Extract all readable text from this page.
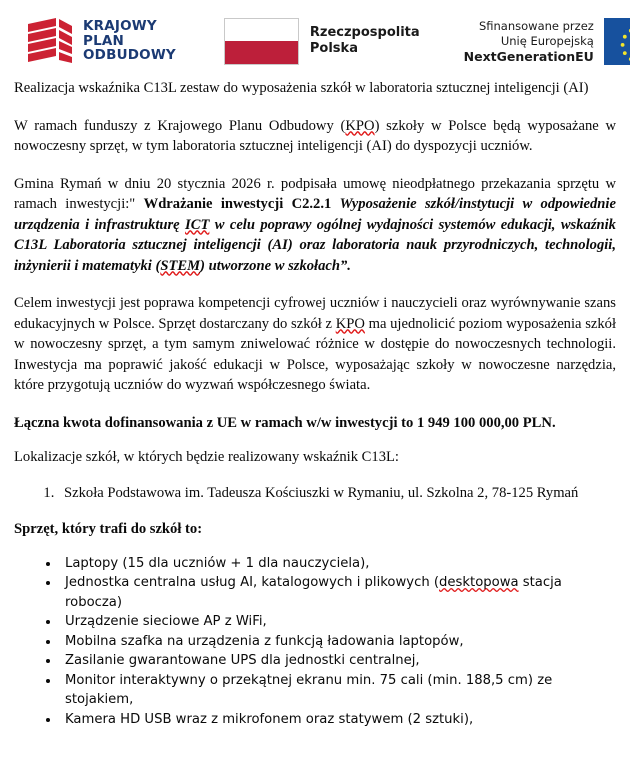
KRAJOWY
PLAN
ODBUDOWY
Rzeczpospolita
Polska
Sfinansowane przez
Unię Europejską
NextGenerationEU

Realizacja wskaźnika C13L zestaw do wyposażenia szkół w laboratoria sztucznej inteligencji (AI)

W ramach funduszy z Krajowego Planu Odbudowy (KPO) szkoły w Polsce będą wyposażane w nowoczesny sprzęt, w tym laboratoria sztucznej inteligencji (AI) do dyspozycji uczniów.

Gmina Rymań w dniu 20 stycznia 2026 r. podpisała umowę nieodpłatnego przekazania sprzętu w ramach inwestycji:" Wdrażanie inwestycji C2.2.1 Wyposażenie szkół/instytucji w odpowiednie urządzenia i infrastrukturę ICT w celu poprawy ogólnej wydajności systemów edukacji, wskaźnik C13L Laboratoria sztucznej inteligencji (AI) oraz laboratoria nauk przyrodniczych, technologii, inżynierii i matematyki (STEM) utworzone w szkołach”.

Celem inwestycji jest poprawa kompetencji cyfrowej uczniów i nauczycieli oraz wyrównywanie szans edukacyjnych w Polsce. Sprzęt dostarczany do szkół z KPO ma ujednolicić poziom wyposażenia szkół w nowoczesny sprzęt, a tym samym zniwelować różnice w dostępie do nowoczesnych technologii. Inwestycja ma poprawić jakość edukacji w Polsce, wyposażając szkoły w nowoczesne narzędzia, które przygotują uczniów do wyzwań współczesnego świata.

Łączna kwota dofinansowania z UE w ramach w/w inwestycji to 1 949 100 000,00 PLN.

Lokalizacje szkół, w których będzie realizowany wskaźnik C13L:

1. Szkoła Podstawowa im. Tadeusza Kościuszki w Rymaniu, ul. Szkolna 2, 78-125 Rymań

Sprzęt, który trafi do szkół to:

• Laptopy (15 dla uczniów + 1 dla nauczyciela),
• Jednostka centralna usług AI, katalogowych i plikowych (desktopowa stacja robocza)
• Urządzenie sieciowe AP z WiFi,
• Mobilna szafka na urządzenia z funkcją ładowania laptopów,
• Zasilanie gwarantowane UPS dla jednostki centralnej,
• Monitor interaktywny o przekątnej ekranu min. 75 cali (min. 188,5 cm) ze stojakiem,
• Kamera HD USB wraz z mikrofonem oraz statywem (2 sztuki),
